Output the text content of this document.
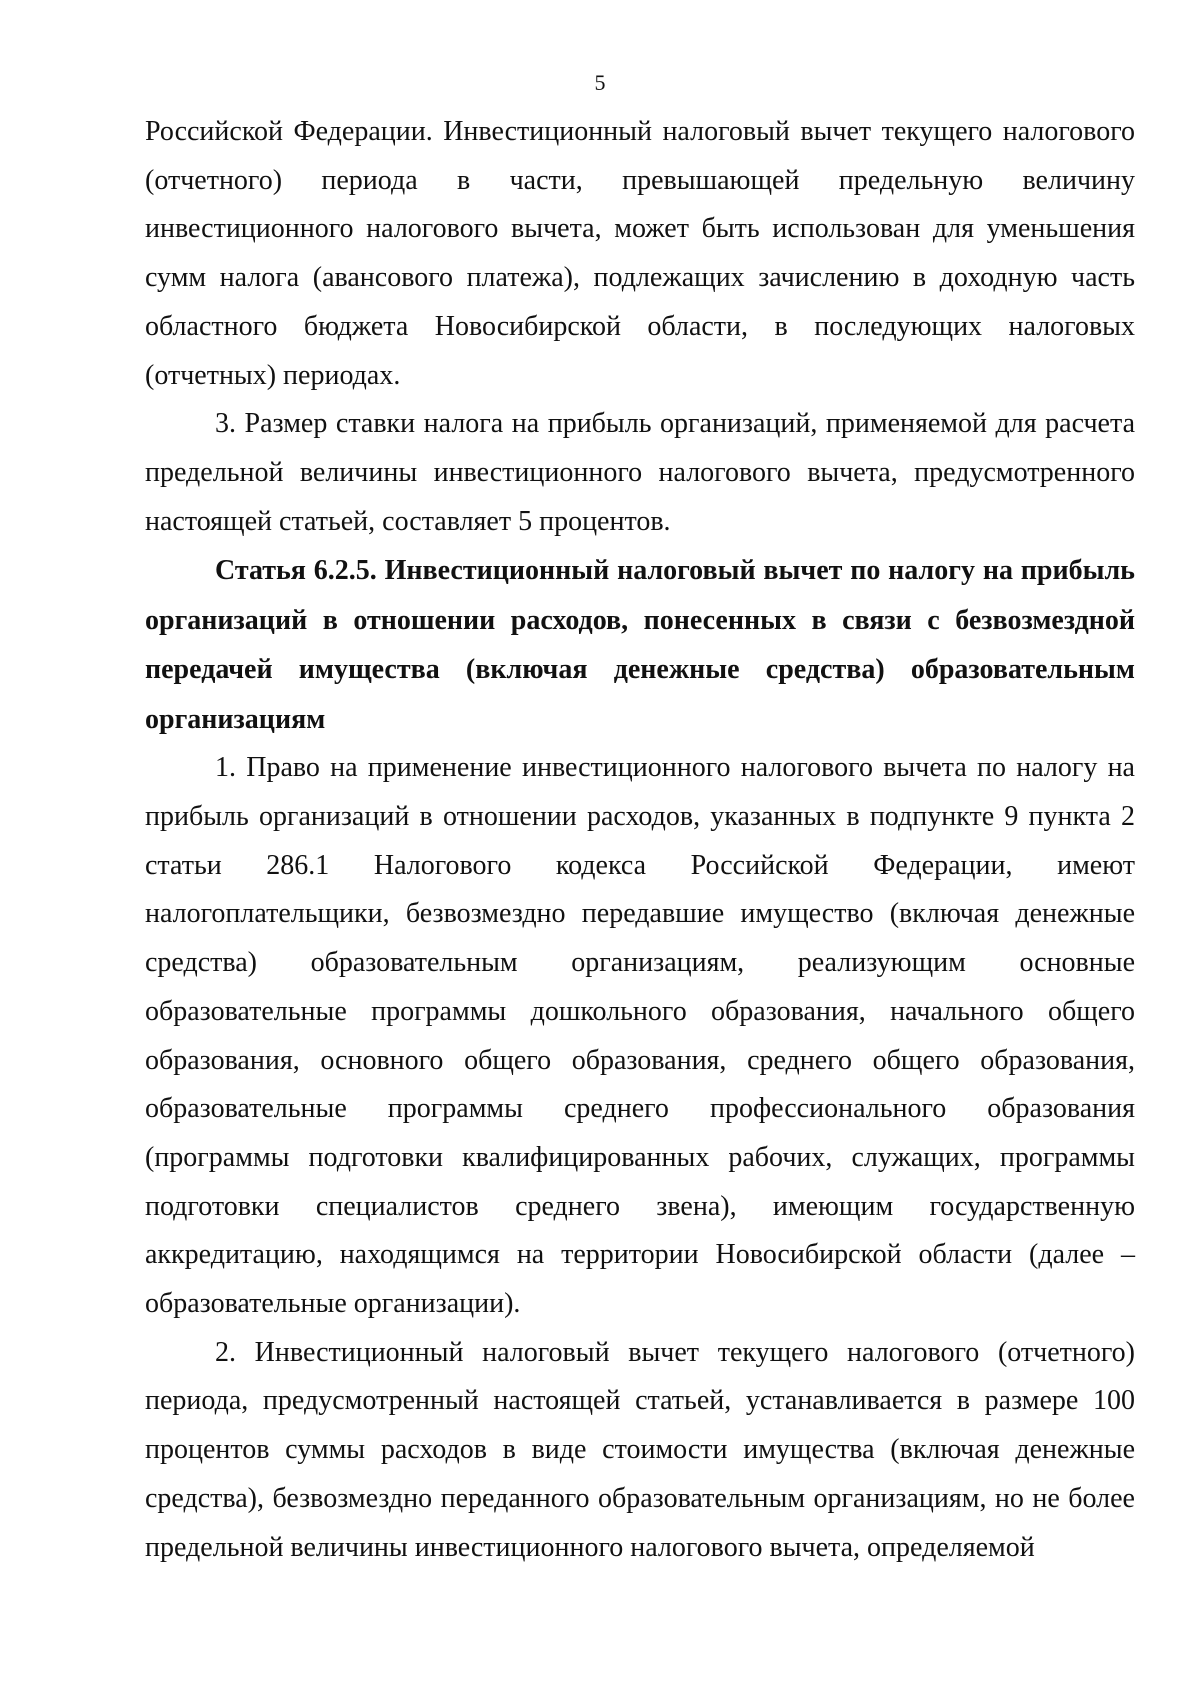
5

Российской Федерации. Инвестиционный налоговый вычет текущего налогового (отчетного) периода в части, превышающей предельную величину инвестиционного налогового вычета, может быть использован для уменьшения сумм налога (авансового платежа), подлежащих зачислению в доходную часть областного бюджета Новосибирской области, в последующих налоговых (отчетных) периодах.

3. Размер ставки налога на прибыль организаций, применяемой для расчета предельной величины инвестиционного налогового вычета, предусмотренного настоящей статьей, составляет 5 процентов.

Статья 6.2.5. Инвестиционный налоговый вычет по налогу на прибыль организаций в отношении расходов, понесенных в связи с безвозмездной передачей имущества (включая денежные средства) образовательным организациям

1. Право на применение инвестиционного налогового вычета по налогу на прибыль организаций в отношении расходов, указанных в подпункте 9 пункта 2 статьи 286.1 Налогового кодекса Российской Федерации, имеют налогоплательщики, безвозмездно передавшие имущество (включая денежные средства) образовательным организациям, реализующим основные образовательные программы дошкольного образования, начального общего образования, основного общего образования, среднего общего образования, образовательные программы среднего профессионального образования (программы подготовки квалифицированных рабочих, служащих, программы подготовки специалистов среднего звена), имеющим государственную аккредитацию, находящимся на территории Новосибирской области (далее – образовательные организации).

2. Инвестиционный налоговый вычет текущего налогового (отчетного) периода, предусмотренный настоящей статьей, устанавливается в размере 100 процентов суммы расходов в виде стоимости имущества (включая денежные средства), безвозмездно переданного образовательным организациям, но не более предельной величины инвестиционного налогового вычета, определяемой
